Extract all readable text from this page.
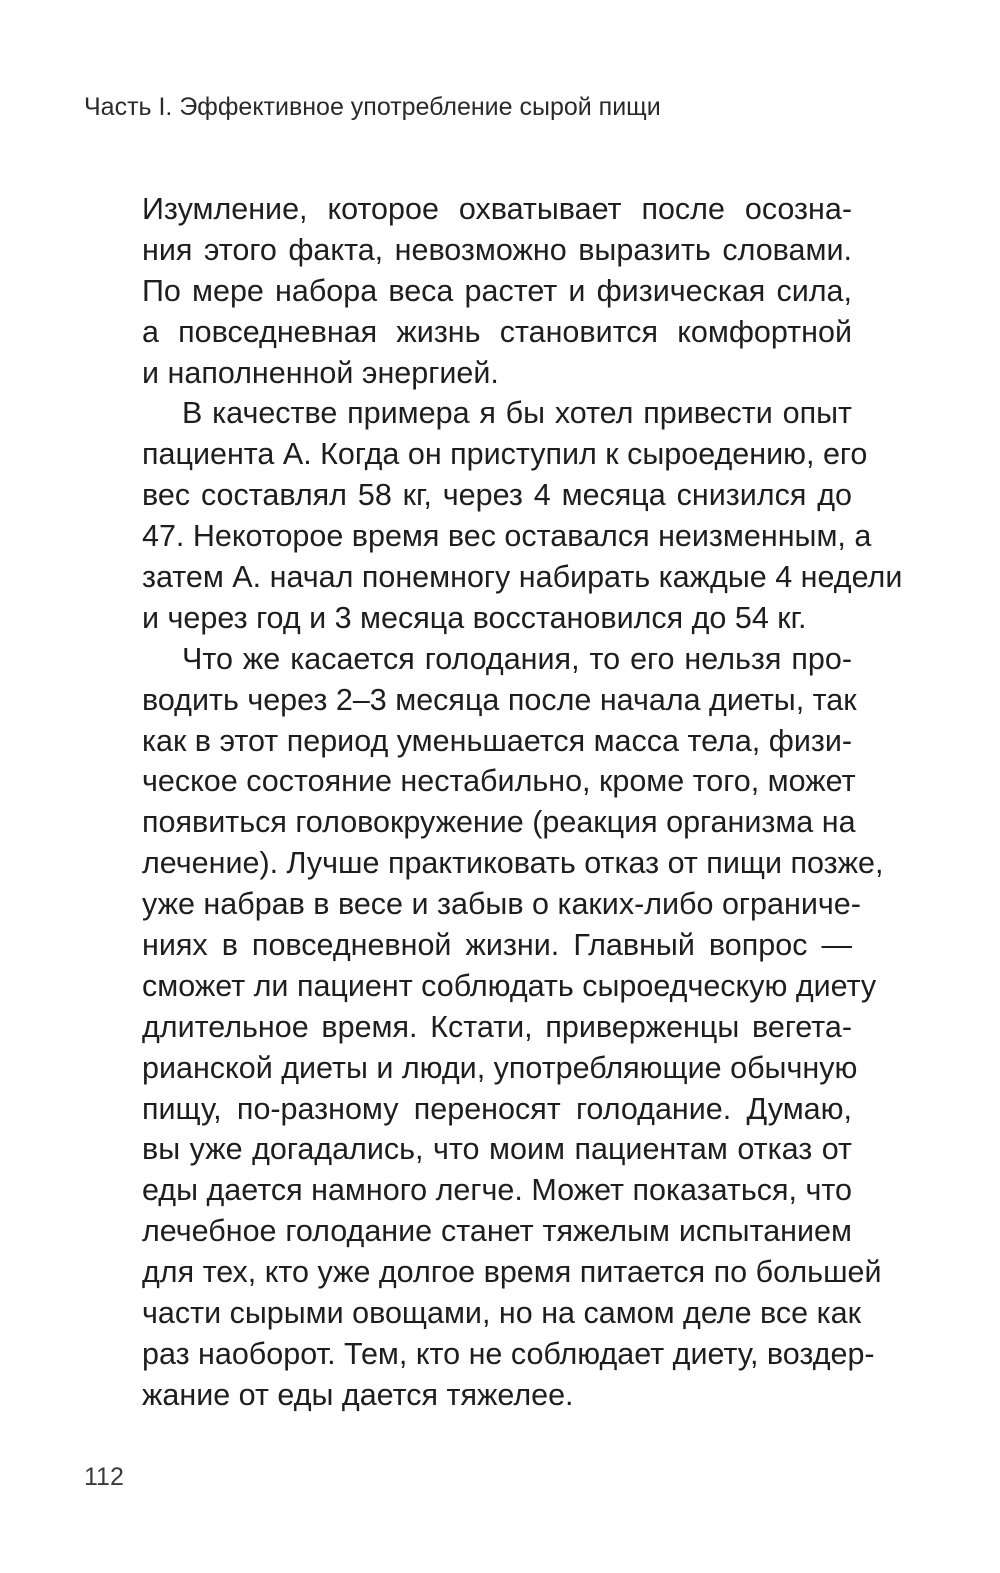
Часть I. Эффективное употребление сырой пищи
Изумление, которое охватывает после осозна-
ния этого факта, невозможно выразить словами.
По мере набора веса растет и физическая сила,
а повседневная жизнь становится комфортной
и наполненной энергией.
В качестве примера я бы хотел привести опыт
пациента А. Когда он приступил к сыроедению, его
вес составлял 58 кг, через 4 месяца снизился до
47. Некоторое время вес оставался неизменным, а
затем А. начал понемногу набирать каждые 4 недели
и через год и 3 месяца восстановился до 54 кг.
Что же касается голодания, то его нельзя про-
водить через 2–3 месяца после начала диеты, так
как в этот период уменьшается масса тела, физи-
ческое состояние нестабильно, кроме того, может
появиться головокружение (реакция организма на
лечение). Лучше практиковать отказ от пищи позже,
уже набрав в весе и забыв о каких-либо ограниче-
ниях в повседневной жизни. Главный вопрос —
сможет ли пациент соблюдать сыроедческую диету
длительное время. Кстати, приверженцы вегета-
рианской диеты и люди, употребляющие обычную
пищу, по-разному переносят голодание. Думаю,
вы уже догадались, что моим пациентам отказ от
еды дается намного легче. Может показаться, что
лечебное голодание станет тяжелым испытанием
для тех, кто уже долгое время питается по большей
части сырыми овощами, но на самом деле все как
раз наоборот. Тем, кто не соблюдает диету, воздер-
жание от еды дается тяжелее.
112
